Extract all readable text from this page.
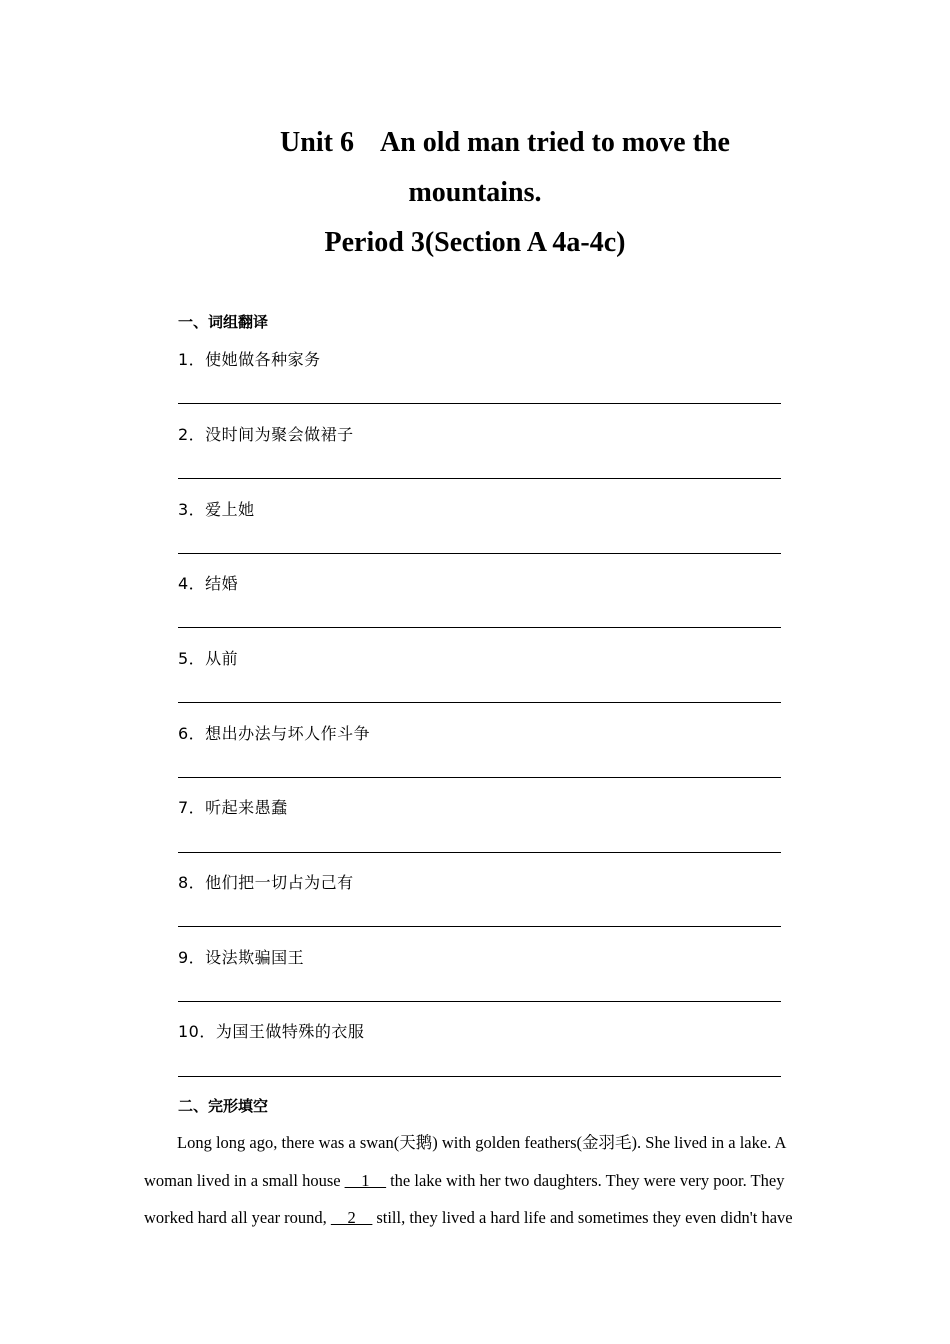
Unit 6 An old man tried to move the
mountains.
Period 3(Section A 4a-4c)
一、词组翻译
1．使她做各种家务
2．没时间为聚会做裙子
3．爱上她
4．结婚
5．从前
6．想出办法与坏人作斗争
7．听起来愚蠢
8．他们把一切占为己有
9．设法欺骗国王
10．为国王做特殊的衣服
二、完形填空
Long long ago, there was a swan(天鹅) with golden feathers(金羽毛). She lived in a lake. A
woman lived in a small house __1__ the lake with her two daughters. They were very poor. They
worked hard all year round, __2__ still, they lived a hard life and sometimes they even didn't have
